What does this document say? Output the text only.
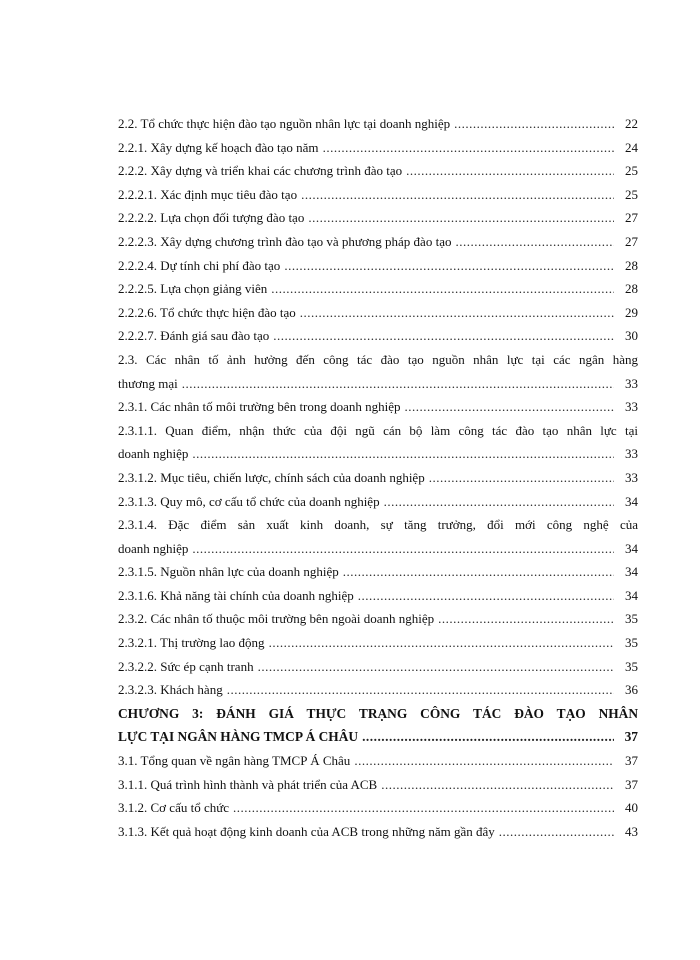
2.2. Tổ chức thực hiện đào tạo nguồn nhân lực tại doanh nghiệp .....	22
2.2.1. Xây dựng kế hoạch đào tạo năm .....	24
2.2.2. Xây dựng và triển khai các chương trình đào tạo .....	25
2.2.2.1. Xác định mục tiêu đào tạo .....	25
2.2.2.2. Lựa chọn đối tượng đào tạo .....	27
2.2.2.3. Xây dựng chương trình đào tạo và phương pháp đào tạo .....	27
2.2.2.4. Dự tính chi phí đào tạo .....	28
2.2.2.5. Lựa chọn giảng viên .....	28
2.2.2.6. Tổ chức thực hiện đào tạo .....	29
2.2.2.7. Đánh giá sau đào tạo .....	30
2.3. Các nhân tố ảnh hưởng đến công tác đào tạo nguồn nhân lực tại các ngân hàng
thương mại .....	33
2.3.1. Các nhân tố môi trường bên trong doanh nghiệp .....	33
2.3.1.1. Quan điểm, nhận thức của đội ngũ cán bộ làm công tác đào tạo nhân lực tại
doanh nghiệp .....	33
2.3.1.2. Mục tiêu, chiến lược, chính sách của doanh nghiệp .....	33
2.3.1.3. Quy mô, cơ cấu tổ chức của doanh nghiệp .....	34
2.3.1.4. Đặc điểm sản xuất kinh doanh, sự tăng trưởng, đổi mới công nghệ của
doanh nghiệp .....	34
2.3.1.5. Nguồn nhân lực của doanh nghiệp .....	34
2.3.1.6. Khả năng tài chính của doanh nghiệp .....	34
2.3.2. Các nhân tố thuộc môi trường bên ngoài doanh nghiệp .....	35
2.3.2.1. Thị trường lao động .....	35
2.3.2.2. Sức ép cạnh tranh .....	35
2.3.2.3. Khách hàng .....	36
CHƯƠNG 3: ĐÁNH GIÁ THỰC TRẠNG CÔNG TÁC ĐÀO TẠO NHÂN
LỰC TẠI NGÂN HÀNG TMCP Á CHÂU .....	37
3.1. Tổng quan về ngân hàng TMCP Á Châu .....	37
3.1.1. Quá trình hình thành và phát triển của ACB .....	37
3.1.2. Cơ cấu tổ chức .....	40
3.1.3. Kết quả hoạt động kinh doanh của ACB trong những năm gần đây .....	43
